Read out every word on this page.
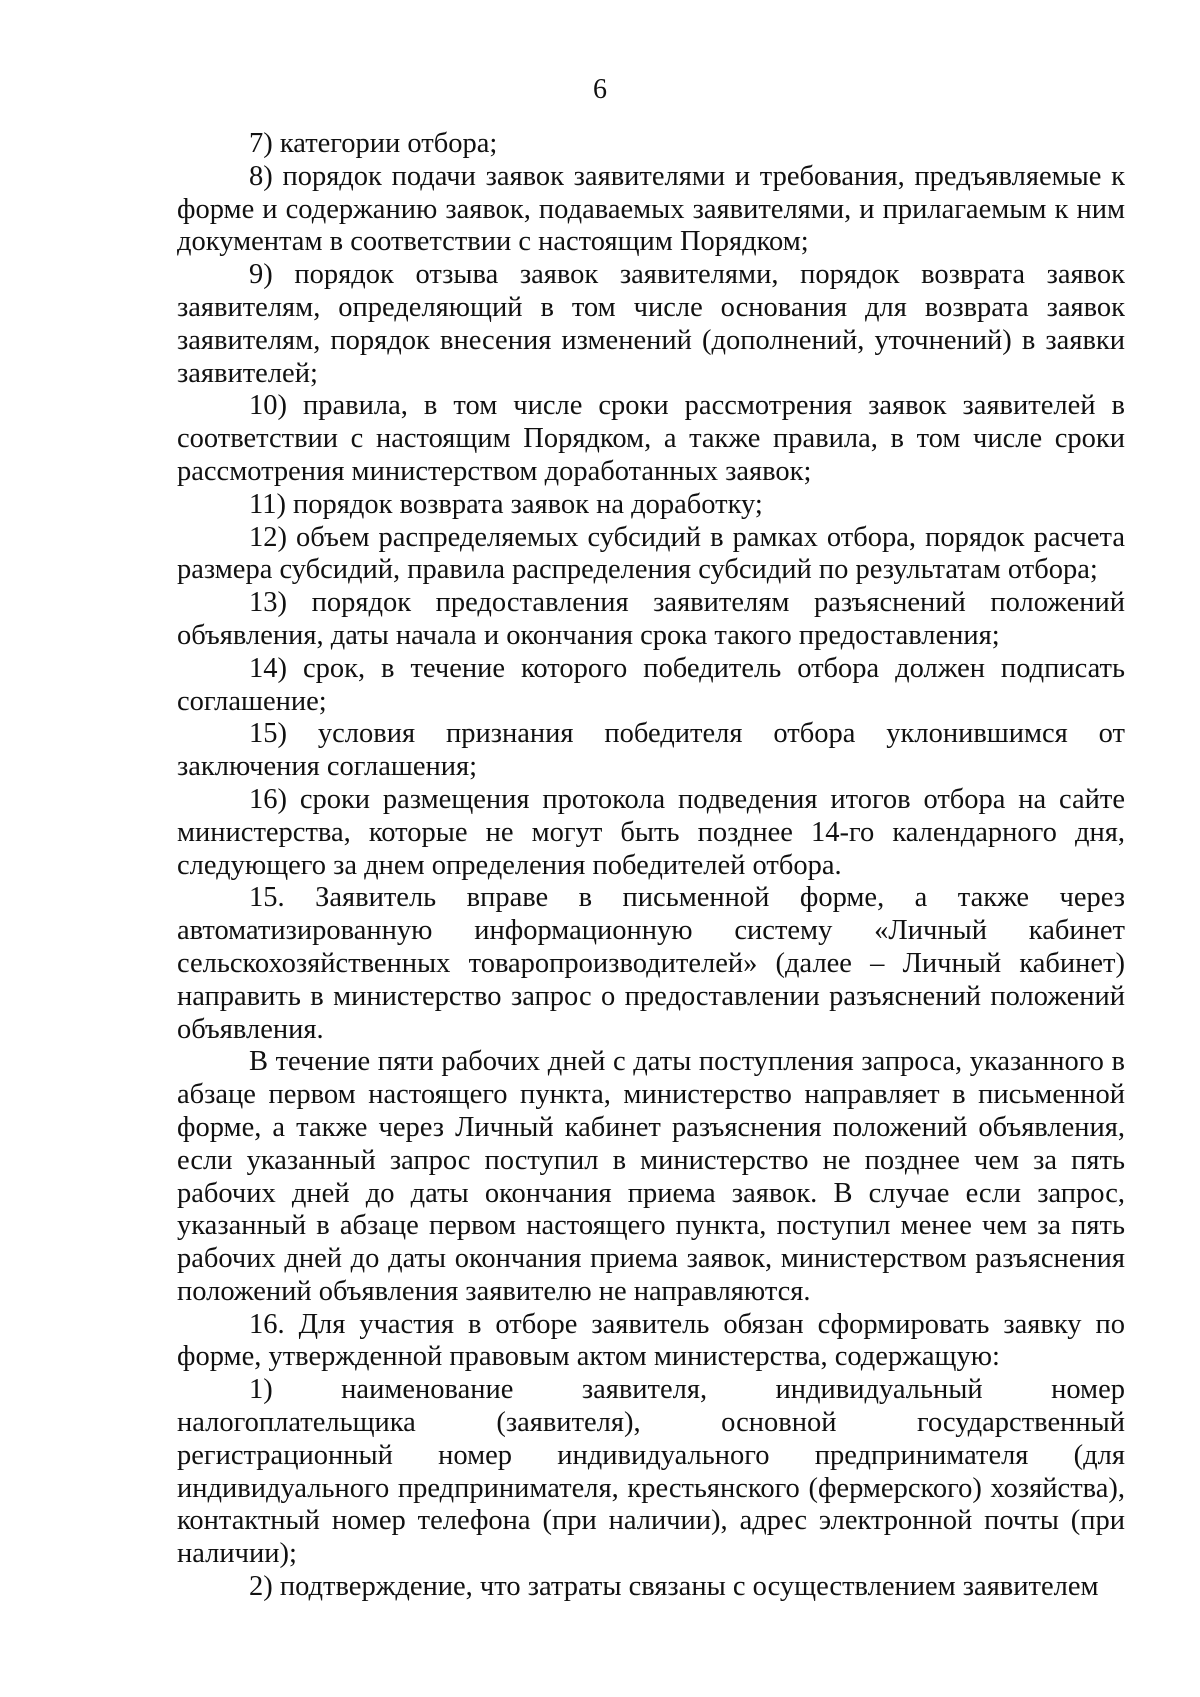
6

7) категории отбора;

8) порядок подачи заявок заявителями и требования, предъявляемые к форме и содержанию заявок, подаваемых заявителями, и прилагаемым к ним документам в соответствии с настоящим Порядком;

9) порядок отзыва заявок заявителями, порядок возврата заявок заявителям, определяющий в том числе основания для возврата заявок заявителям, порядок внесения изменений (дополнений, уточнений) в заявки заявителей;

10) правила, в том числе сроки рассмотрения заявок заявителей в соответствии с настоящим Порядком, а также правила, в том числе сроки рассмотрения министерством доработанных заявок;

11) порядок возврата заявок на доработку;

12) объем распределяемых субсидий в рамках отбора, порядок расчета размера субсидий, правила распределения субсидий по результатам отбора;

13) порядок предоставления заявителям разъяснений положений объявления, даты начала и окончания срока такого предоставления;

14) срок, в течение которого победитель отбора должен подписать соглашение;

15) условия признания победителя отбора уклонившимся от заключения соглашения;

16) сроки размещения протокола подведения итогов отбора на сайте министерства, которые не могут быть позднее 14-го календарного дня, следующего за днем определения победителей отбора.

15. Заявитель вправе в письменной форме, а также через автоматизированную информационную систему «Личный кабинет сельскохозяйственных товаропроизводителей» (далее – Личный кабинет) направить в министерство запрос о предоставлении разъяснений положений объявления.

В течение пяти рабочих дней с даты поступления запроса, указанного в абзаце первом настоящего пункта, министерство направляет в письменной форме, а также через Личный кабинет разъяснения положений объявления, если указанный запрос поступил в министерство не позднее чем за пять рабочих дней до даты окончания приема заявок. В случае если запрос, указанный в абзаце первом настоящего пункта, поступил менее чем за пять рабочих дней до даты окончания приема заявок, министерством разъяснения положений объявления заявителю не направляются.

16. Для участия в отборе заявитель обязан сформировать заявку по форме, утвержденной правовым актом министерства, содержащую:

1) наименование заявителя, индивидуальный номер налогоплательщика (заявителя), основной государственный регистрационный номер индивидуального предпринимателя (для индивидуального предпринимателя, крестьянского (фермерского) хозяйства), контактный номер телефона (при наличии), адрес электронной почты (при наличии);

2) подтверждение, что затраты связаны с осуществлением заявителем
